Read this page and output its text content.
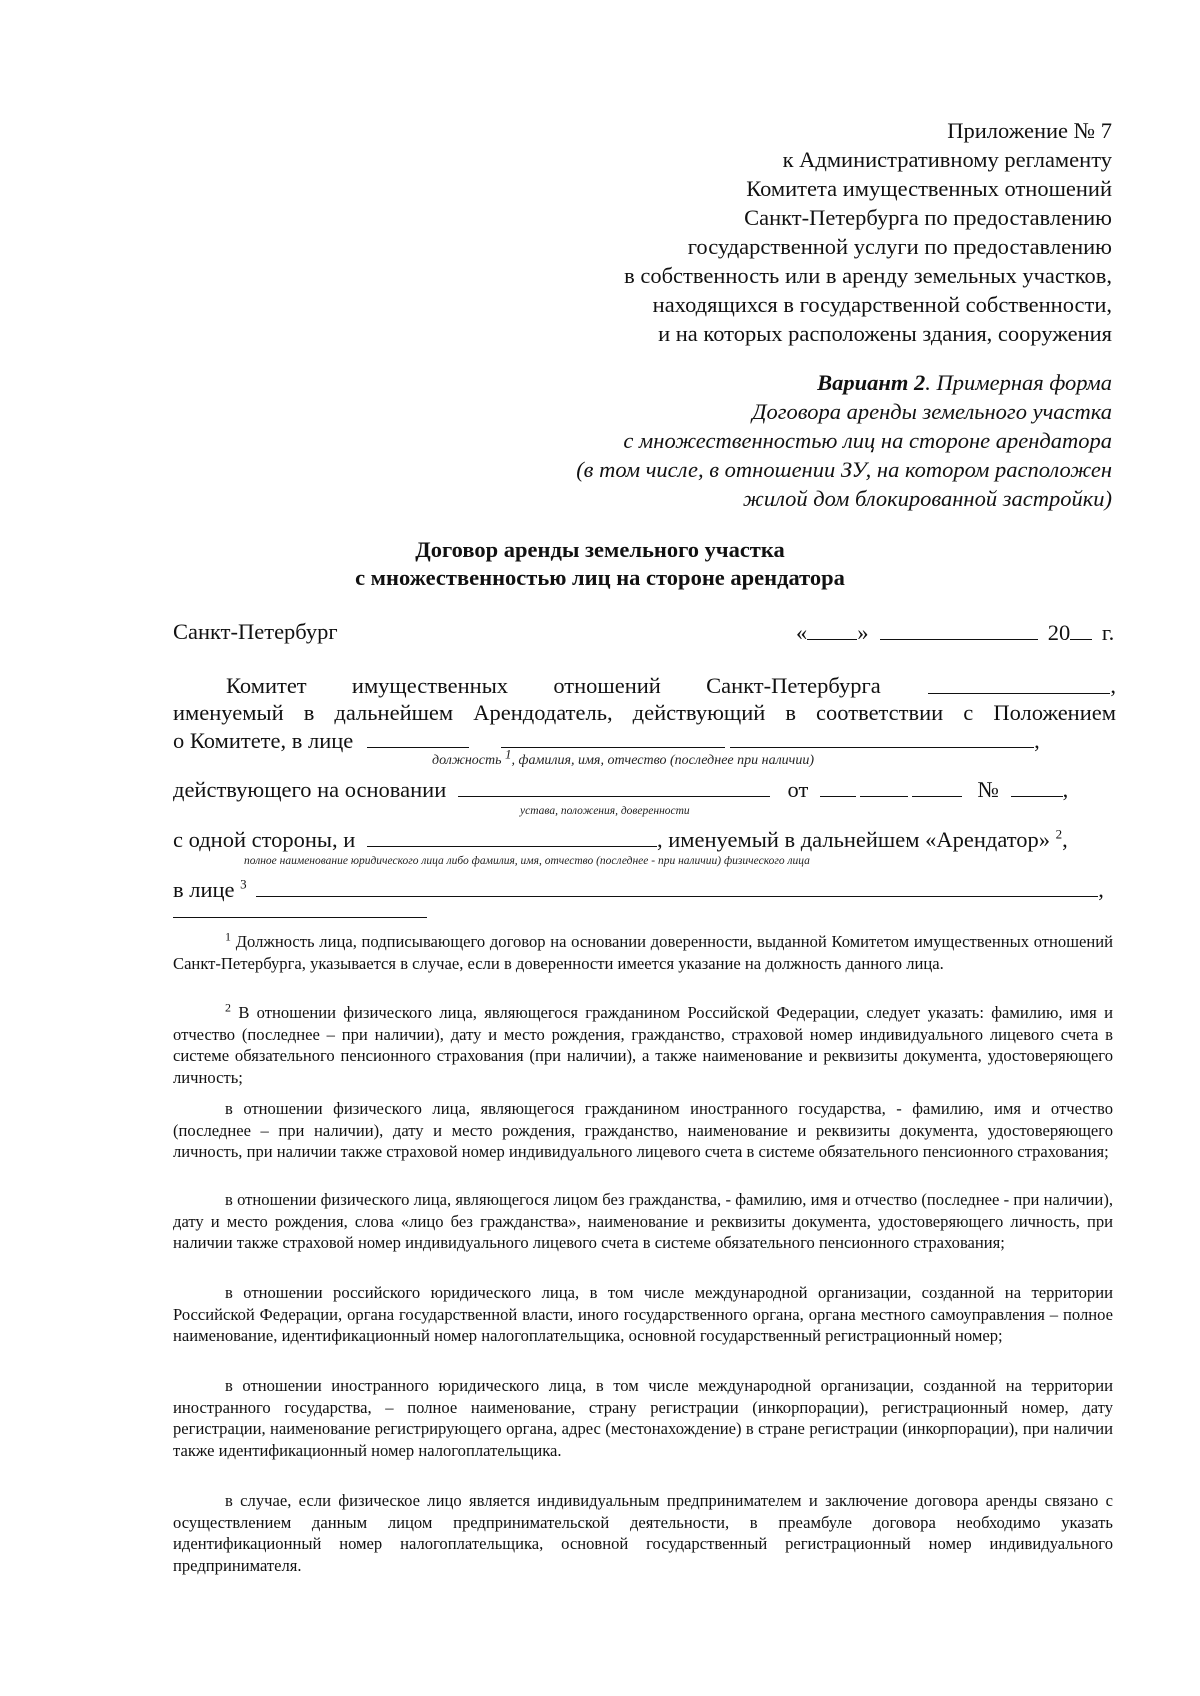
Приложение № 7
к Административному регламенту
Комитета имущественных отношений
Санкт-Петербурга по предоставлению
государственной услуги по предоставлению
в собственность или в аренду земельных участков,
находящихся в государственной собственности,
и на которых расположены здания, сооружения
Вариант 2. Примерная форма
Договора аренды земельного участка
с множественностью лиц на стороне арендатора
(в том числе, в отношении ЗУ, на котором расположен
жилой дом блокированной застройки)
Договор аренды земельного участка
с множественностью лиц на стороне арендатора
Санкт-Петербург	« »	20 г.
Комитет имущественных отношений Санкт-Петербурга	,
именуемый в дальнейшем Арендодатель, действующий в соответствии с Положением
о Комитете, в лице	,
должность $^1$, фамилия, имя, отчество (последнее при наличии)
действующего на основании	от	№	,
устава, положения, доверенности
с одной стороны, и	, именуемый в дальнейшем «Арендатор» $^2$,
полное наименование юридического лица либо фамилия, имя, отчество (последнее - при наличии) физического лица
в лице $^3$	,
$^1$ Должность лица, подписывающего договор на основании доверенности, выданной Комитетом имущественных отношений Санкт-Петербурга, указывается в случае, если в доверенности имеется указание на должность данного лица.
$^2$ В отношении физического лица, являющегося гражданином Российской Федерации, следует указать: фамилию, имя и отчество (последнее – при наличии), дату и место рождения, гражданство, страховой номер индивидуального лицевого счета в системе обязательного пенсионного страхования (при наличии), а также наименование и реквизиты документа, удостоверяющего личность;
в отношении физического лица, являющегося гражданином иностранного государства, - фамилию, имя и отчество (последнее – при наличии), дату и место рождения, гражданство, наименование и реквизиты документа, удостоверяющего личность, при наличии также страховой номер индивидуального лицевого счета в системе обязательного пенсионного страхования;
в отношении физического лица, являющегося лицом без гражданства, - фамилию, имя и отчество (последнее - при наличии), дату и место рождения, слова «лицо без гражданства», наименование и реквизиты документа, удостоверяющего личность, при наличии также страховой номер индивидуального лицевого счета в системе обязательного пенсионного страхования;
в отношении российского юридического лица, в том числе международной организации, созданной на территории Российской Федерации, органа государственной власти, иного государственного органа, органа местного самоуправления – полное наименование, идентификационный номер налогоплательщика, основной государственный регистрационный номер;
в отношении иностранного юридического лица, в том числе международной организации, созданной на территории иностранного государства, – полное наименование, страну регистрации (инкорпорации), регистрационный номер, дату регистрации, наименование регистрирующего органа, адрес (местонахождение) в стране регистрации (инкорпорации), при наличии также идентификационный номер налогоплательщика.
в случае, если физическое лицо является индивидуальным предпринимателем и заключение договора аренды связано с осуществлением данным лицом предпринимательской деятельности, в преамбуле договора необходимо указать идентификационный номер налогоплательщика, основной государственный регистрационный номер индивидуального предпринимателя.
